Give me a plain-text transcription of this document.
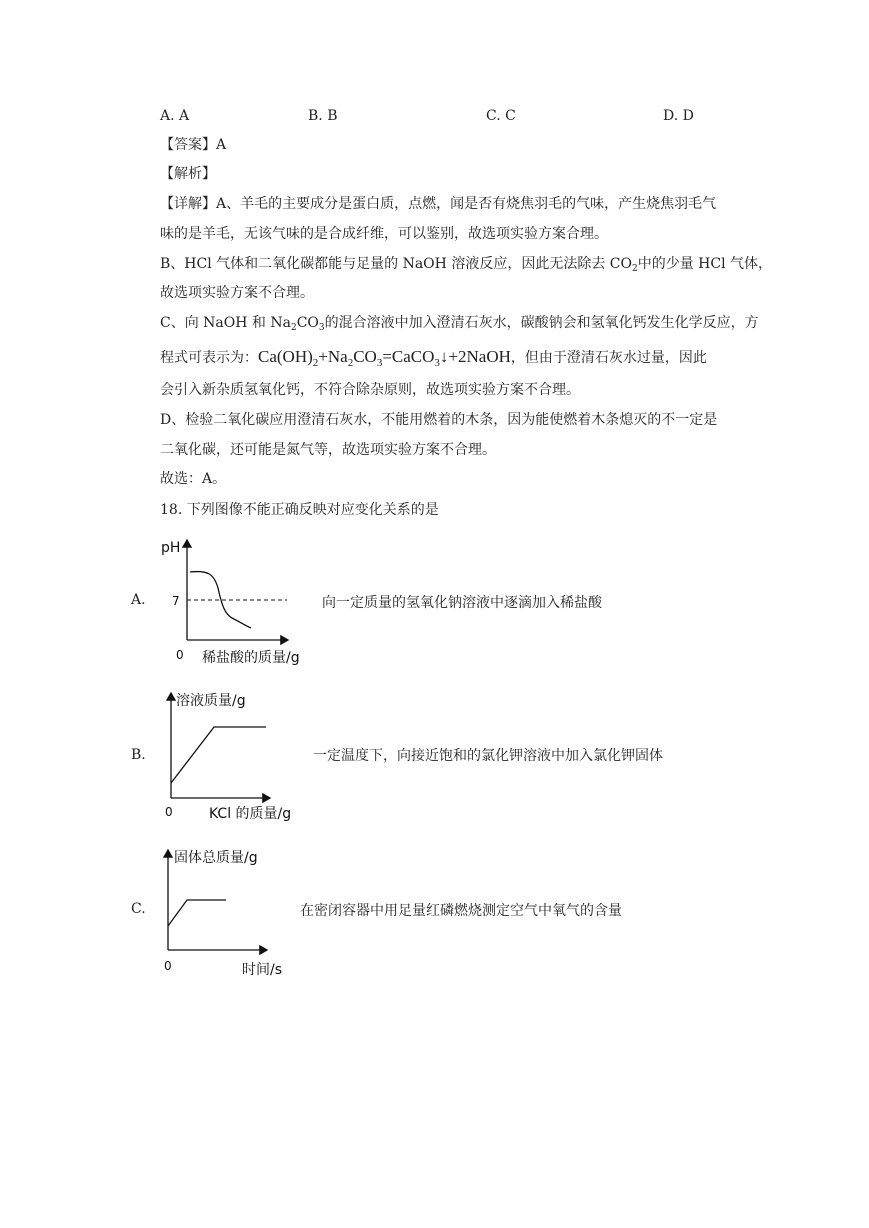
A. A	B. B	C. C	D. D
【答案】A
【解析】
【详解】A、羊毛的主要成分是蛋白质，点燃，闻是否有烧焦羽毛的气味，产生烧焦羽毛气
味的是羊毛，无该气味的是合成纤维，可以鉴别，故选项实验方案合理。
B、HCl 气体和二氧化碳都能与足量的 NaOH 溶液反应，因此无法除去 $CO_2$中的少量 HCl 气体，
故选项实验方案不合理。
C、向 NaOH 和 $Na_2CO_3$的混合溶液中加入澄清石灰水，碳酸钠会和氢氧化钙发生化学反应，方
程式可表示为：$Ca(OH)_2+Na_2CO_3=CaCO_3↓+2NaOH$，但由于澄清石灰水过量，因此
会引入新杂质氢氧化钙，不符合除杂原则，故选项实验方案不合理。
D、检验二氧化碳应用澄清石灰水，不能用燃着的木条，因为能使燃着木条熄灭的不一定是
二氧化碳，还可能是氮气等，故选项实验方案不合理。
故选：A。
18. 下列图像不能正确反映对应变化关系的是
A.
pH
7
0 稀盐酸的质量/g
向一定质量的氢氧化钠溶液中逐滴加入稀盐酸
B.
溶液质量/g
0	KCl 的质量/g
一定温度下，向接近饱和的氯化钾溶液中加入氯化钾固体
C.
固体总质量/g
0	时间/s
在密闭容器中用足量红磷燃烧测定空气中氧气的含量
